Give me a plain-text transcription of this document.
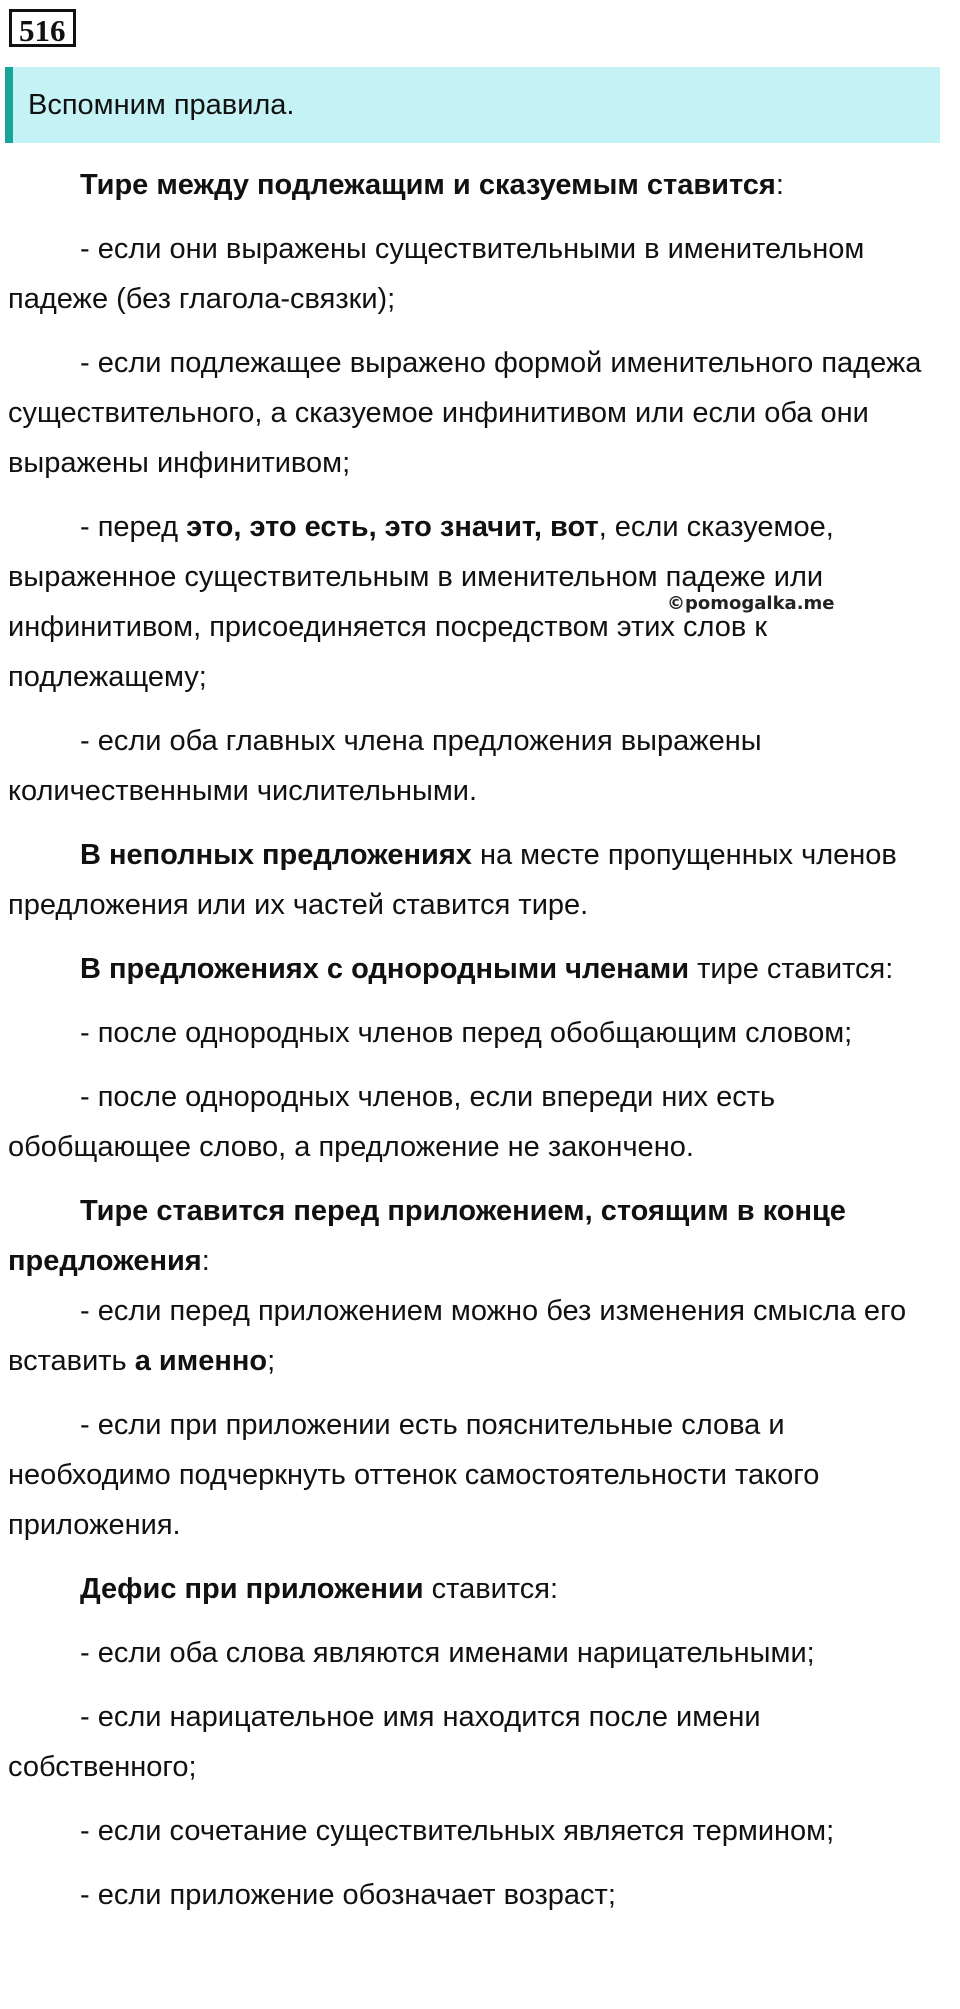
516
Вспомним правила.
©pomogalka.me

Тире между подлежащим и сказуемым ставится:

- если они выражены существительными в именительном падеже (без глагола-связки);

- если подлежащее выражено формой именительного падежа существительного, а сказуемое инфинитивом или если оба они выражены инфинитивом;

- перед это, это есть, это значит, вот, если сказуемое, выраженное существительным в именительном падеже или инфинитивом, присоединяется посредством этих слов к подлежащему;

- если оба главных члена предложения выражены количественными числительными.

В неполных предложениях на месте пропущенных членов предложения или их частей ставится тире.

В предложениях с однородными членами тире ставится:

- после однородных членов перед обобщающим словом;

- после однородных членов, если впереди них есть обобщающее слово, а предложение не закончено.

Тире ставится перед приложением, стоящим в конце предложения:

- если перед приложением можно без изменения смысла его вставить а именно;

- если при приложении есть пояснительные слова и необходимо подчеркнуть оттенок самостоятельности такого приложения.

Дефис при приложении ставится:

- если оба слова являются именами нарицательными;

- если нарицательное имя находится после имени собственного;

- если сочетание существительных является термином;

- если приложение обозначает возраст;
